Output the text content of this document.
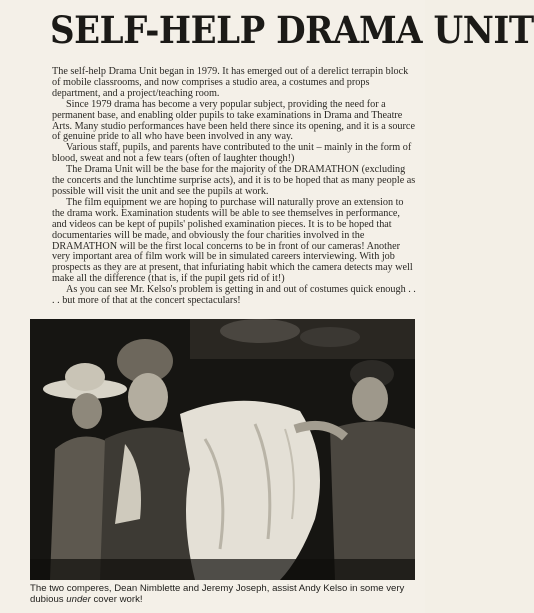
SELF-HELP DRAMA UNIT

The self-help Drama Unit began in 1979. It has emerged out of a derelict terrapin block of mobile classrooms, and now comprises a studio area, a costumes and props department, and a project/teaching room.

Since 1979 drama has become a very popular subject, providing the need for a permanent base, and enabling older pupils to take examinations in Drama and Theatre Arts. Many studio performances have been held there since its opening, and it is a source of genuine pride to all who have been involved in any way.

Various staff, pupils, and parents have contributed to the unit – mainly in the form of blood, sweat and not a few tears (often of laughter though!)

The Drama Unit will be the base for the majority of the DRAMATHON (excluding the concerts and the lunchtime surprise acts), and it is to be hoped that as many people as possible will visit the unit and see the pupils at work.

The film equipment we are hoping to purchase will naturally prove an extension to the drama work. Examination students will be able to see themselves in performance, and videos can be kept of pupils' polished examination pieces. It is to be hoped that documentaries will be made, and obviously the four charities involved in the DRAMATHON will be the first local concerns to be in front of our cameras! Another very important area of film work will be in simulated careers interviewing. With job prospects as they are at present, that infuriating habit which the camera detects may well make all the difference (that is, if the pupil gets rid of it!)

As you can see Mr. Kelso's problem is getting in and out of costumes quick enough . . . . but more of that at the concert spectaculars!

The two comperes, Dean Nimblette and Jeremy Joseph, assist Andy Kelso in some very dubious under cover work!
